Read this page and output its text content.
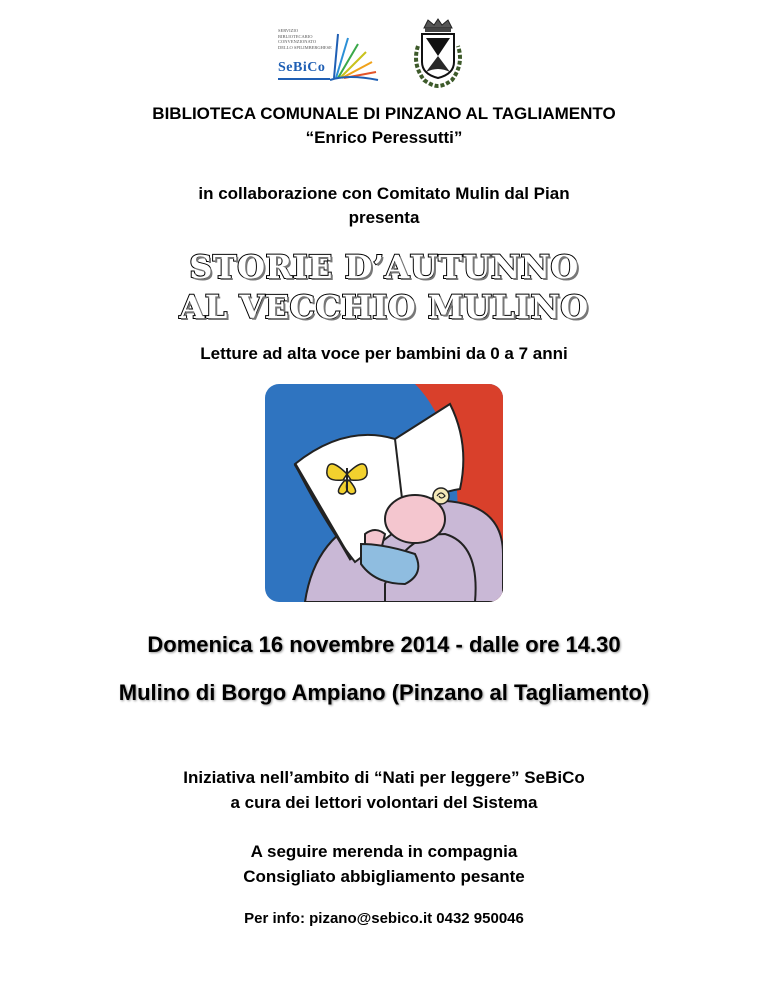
SERVIZIO
BIBLIOTECARIO
CONVENZIONATO
DELLO SPILIMBERGHESE
SeBiCo
BIBLIOTECA COMUNALE DI PINZANO AL TAGLIAMENTO
“Enrico Peressutti”
in collaborazione con Comitato Mulin dal Pian
presenta
STORIE D’AUTUNNO
AL VECCHIO MULINO
Letture ad alta voce per bambini da 0 a 7 anni
Domenica 16 novembre 2014 - dalle ore 14.30
Mulino di Borgo Ampiano (Pinzano al Tagliamento)
Iniziativa nell’ambito di “Nati per leggere” SeBiCo
a cura dei lettori volontari del Sistema
A seguire merenda in compagnia
Consigliato abbigliamento pesante
Per info: pizano@sebico.it 0432 950046
